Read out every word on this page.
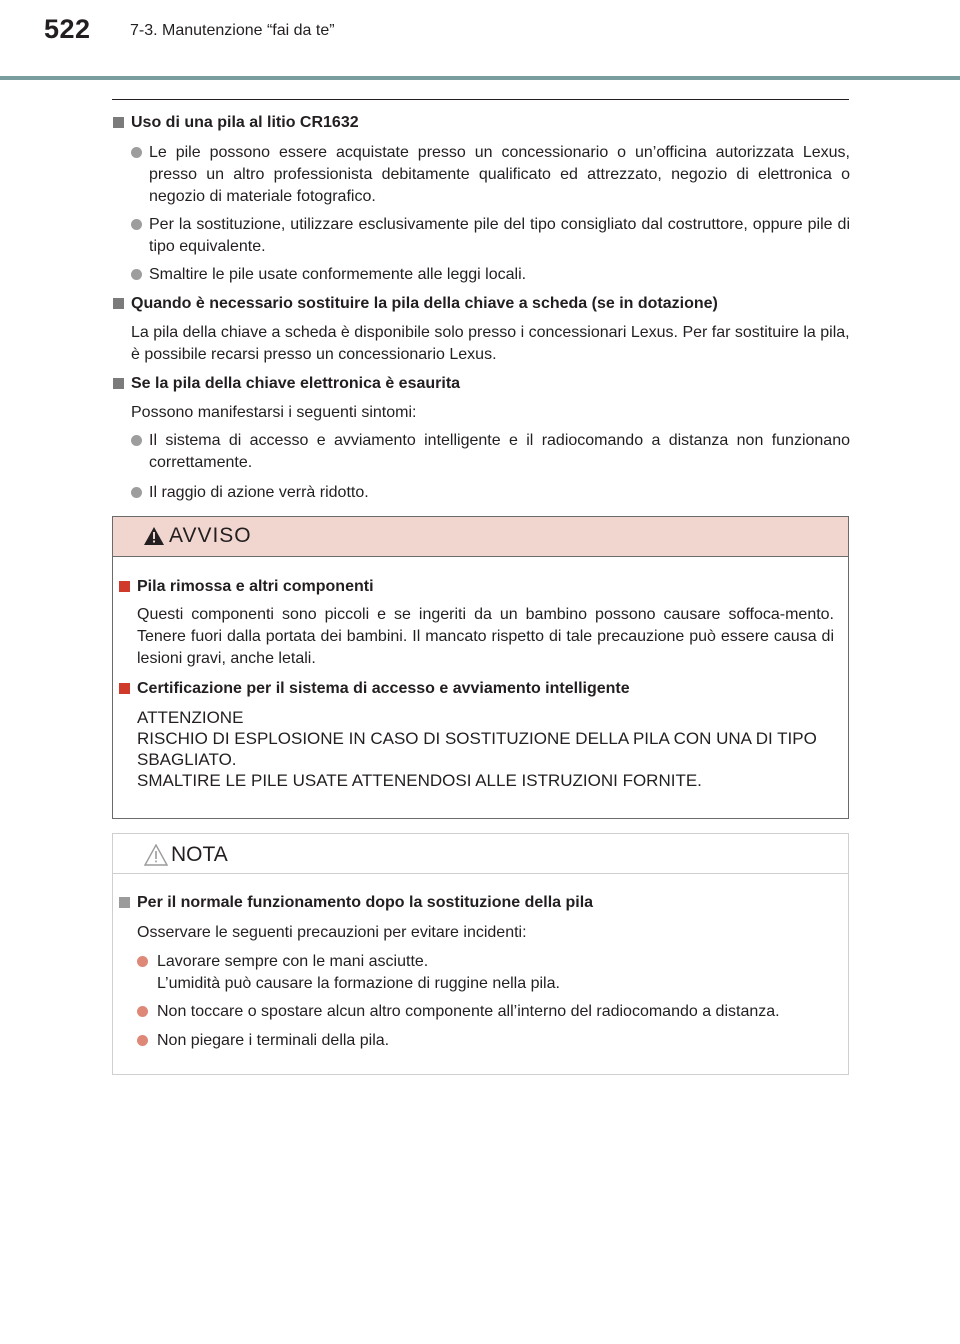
522 7-3. Manutenzione “fai da te”
Uso di una pila al litio CR1632
Le pile possono essere acquistate presso un concessionario o un’officina autorizzata Lexus, presso un altro professionista debitamente qualificato ed attrezzato, negozio di elettronica o negozio di materiale fotografico.
Per la sostituzione, utilizzare esclusivamente pile del tipo consigliato dal costruttore, oppure pile di tipo equivalente.
Smaltire le pile usate conformemente alle leggi locali.
Quando è necessario sostituire la pila della chiave a scheda (se in dotazione)
La pila della chiave a scheda è disponibile solo presso i concessionari Lexus. Per far sostituire la pila, è possibile recarsi presso un concessionario Lexus.
Se la pila della chiave elettronica è esaurita
Possono manifestarsi i seguenti sintomi:
Il sistema di accesso e avviamento intelligente e il radiocomando a distanza non funzionano correttamente.
Il raggio di azione verrà ridotto.
AVVISO
Pila rimossa e altri componenti
Questi componenti sono piccoli e se ingeriti da un bambino possono causare soffoca-mento. Tenere fuori dalla portata dei bambini. Il mancato rispetto di tale precauzione può essere causa di lesioni gravi, anche letali.
Certificazione per il sistema di accesso e avviamento intelligente
ATTENZIONE
RISCHIO DI ESPLOSIONE IN CASO DI SOSTITUZIONE DELLA PILA CON UNA DI TIPO SBAGLIATO.
SMALTIRE LE PILE USATE ATTENENDOSI ALLE ISTRUZIONI FORNITE.
NOTA
Per il normale funzionamento dopo la sostituzione della pila
Osservare le seguenti precauzioni per evitare incidenti:
Lavorare sempre con le mani asciutte.
L’umidità può causare la formazione di ruggine nella pila.
Non toccare o spostare alcun altro componente all’interno del radiocomando a distanza.
Non piegare i terminali della pila.
